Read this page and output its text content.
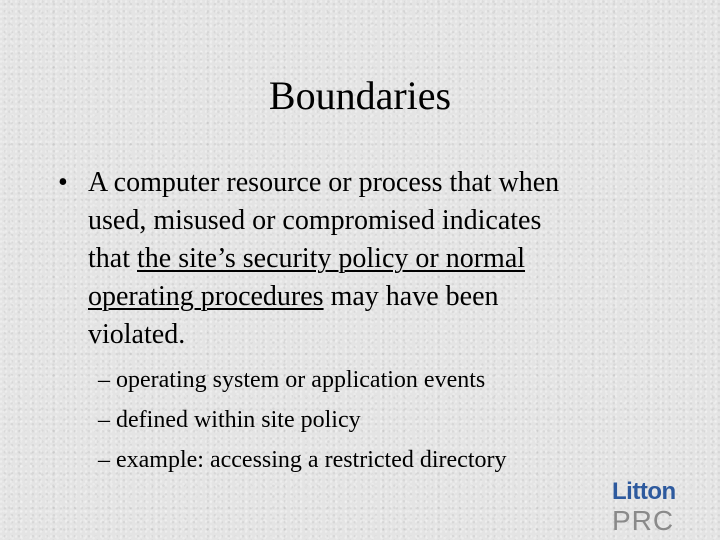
Boundaries
• A computer resource or process that when
used, misused or compromised indicates
that the site’s security policy or normal
operating procedures may have been
violated.
– operating system or application events
– defined within site policy
– example: accessing a restricted directory
Litton
PRC
